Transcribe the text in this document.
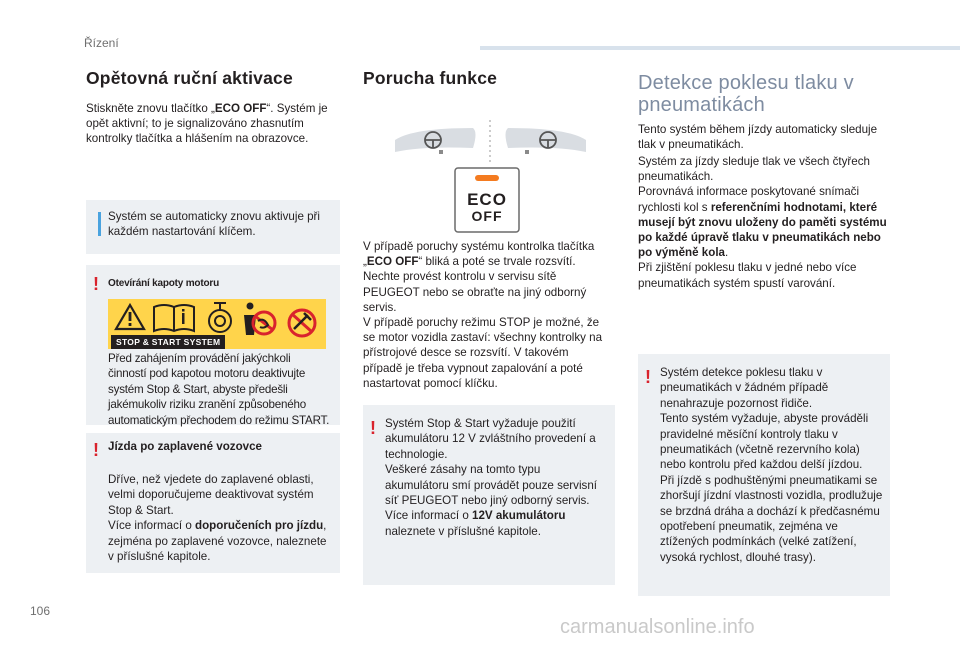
Řízení
Opětovná ruční aktivace

Stiskněte znovu tlačítko „ECO OFF“. Systém je opět aktivní; to je signalizováno zhasnutím kontrolky tlačítka a hlášením na obrazovce.

Systém se automaticky znovu aktivuje při každém nastartování klíčem.

! Otevírání kapoty motoru
STOP & START SYSTEM

Před zahájením provádění jakýchkoli činností pod kapotou motoru deaktivujte systém Stop & Start, abyste předešli jakémukoliv riziku zranění způsobeného automatickým přechodem do režimu START.

! Jízda po zaplavené vozovce

Dříve, než vjedete do zaplavené oblasti, velmi doporučujeme deaktivovat systém Stop & Start.
Více informací o doporučeních pro jízdu, zejména po zaplavené vozovce, naleznete v příslušné kapitole.

Porucha funkce
ECO
OFF

V případě poruchy systému kontrolka tlačítka „ECO OFF“ bliká a poté se trvale rozsvítí. Nechte provést kontrolu v servisu sítě PEUGEOT nebo se obraťte na jiný odborný servis.
V případě poruchy režimu STOP je možné, že se motor vozidla zastaví: všechny kontrolky na přístrojové desce se rozsvítí. V takovém případě je třeba vypnout zapalování a poté nastartovat pomocí klíčku.

! Systém Stop & Start vyžaduje použití akumulátoru 12 V zvláštního provedení a technologie.
Veškeré zásahy na tomto typu akumulátoru smí provádět pouze servisní síť PEUGEOT nebo jiný odborný servis.
Více informací o 12V akumulátoru naleznete v příslušné kapitole.

Detekce poklesu tlaku v
pneumatikách

Tento systém během jízdy automaticky sleduje tlak v pneumatikách.

Systém za jízdy sleduje tlak ve všech čtyřech pneumatikách.
Porovnává informace poskytované snímači rychlosti kol s referenčními hodnotami, které musejí být znovu uloženy do paměti systému po každé úpravě tlaku v pneumatikách nebo po výměně kola.
Při zjištění poklesu tlaku v jedné nebo více pneumatikách systém spustí varování.

! Systém detekce poklesu tlaku v pneumatikách v žádném případě nenahrazuje pozornost řidiče.
Tento systém vyžaduje, abyste prováděli pravidelné měsíční kontroly tlaku v pneumatikách (včetně rezervního kola) nebo kontrolu před každou delší jízdou.
Při jízdě s podhuštěnými pneumatikami se zhoršují jízdní vlastnosti vozidla, prodlužuje se brzdná dráha a dochází k předčasnému opotřebení pneumatik, zejména ve ztížených podmínkách (velké zatížení, vysoká rychlost, dlouhé trasy).

106
carmanualsonline.info
